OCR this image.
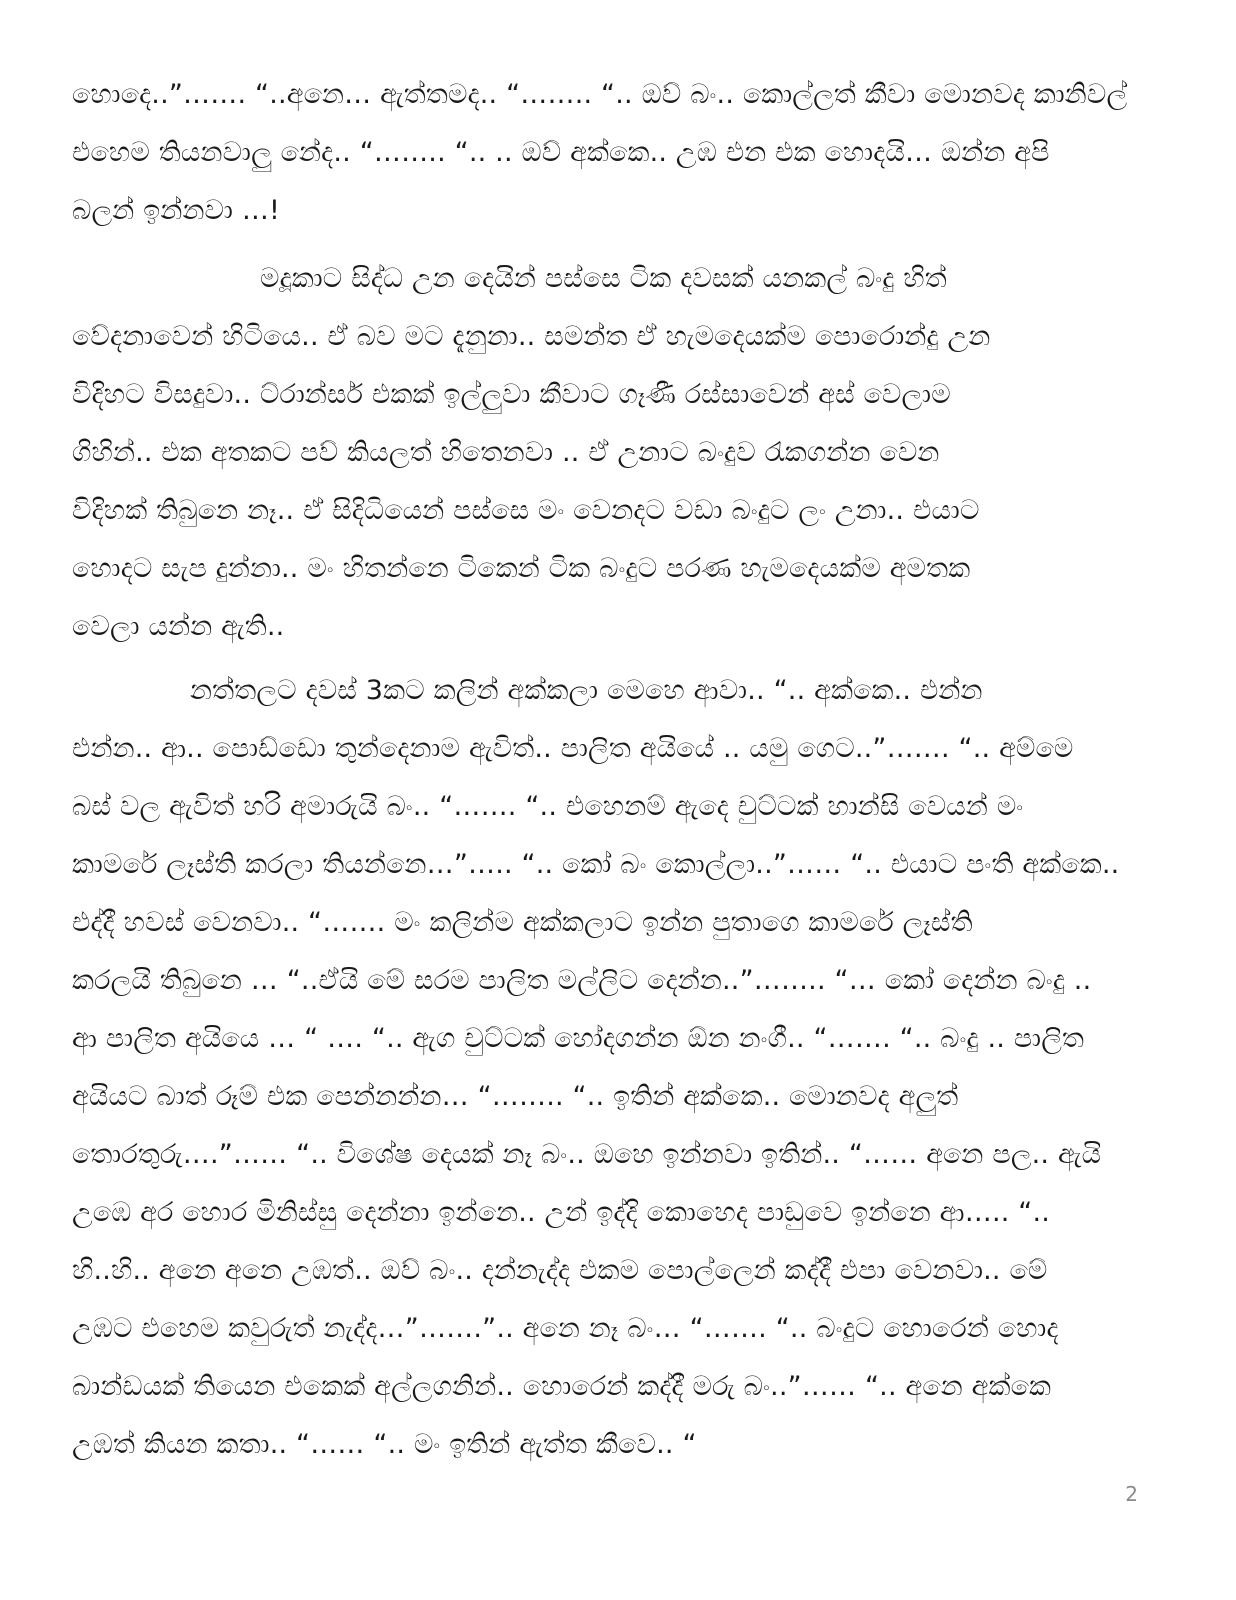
හොදෙ..”……. “..අනෙ… ඇත්තමද.. “…….. “.. ඔව් බං.. කොල්ලත් කීවා මොනවද කානිවල්
එහෙම තියනවාලු නේද.. “…….. “.. .. ඔව් අක්කෙ.. උඹ එන එක හොදයි… ඔන්න අපි
බලන් ඉන්නවා …!
මදූකාට සිද්ධ උන දෙයින් පස්සෙ ටික දවසක් යනකල් බංදු හිත්
වේදනාවෙන් හිටියෙ.. ඒ බව මට දැනුනා.. සමන්ත ඒ හැමදෙයක්ම පොරොන්දු උන
විදිහට විසදුවා.. ට්රාන්සර් එකක් ඉල්ලුවා කීවාට ගෑණී රස්සාවෙන් අස් වෙලාම
ගිහින්.. එක අතකට පව් කියලත් හිතෙනවා .. ඒ උනාට බංදුව රැකගන්න වෙන
විදිහක් තිබුනෙ නෑ.. ඒ සිදිධියෙන් පස්සෙ මං වෙනදට වඩා බංදුට ලං උනා.. එයාට
හොදට සැප දුන්නා.. මං හිතන්නෙ ටිකෙන් ටික බංදුට පරණ හැමදෙයක්ම අමතක
වෙලා යන්න ඇති..
නත්තලට දවස් 3කට කලින් අක්කලා මෙහෙ ආවා.. “.. අක්කෙ.. එන්න
එන්න.. ආ.. පොඩ්ඩො තුන්දෙනාම ඇවිත්.. පාලිත අයියේ .. යමු ගෙට..”……. “.. අම්මෙ
බස් වල ඇවිත් හරි අමාරුයි බං.. “……. “.. එහෙනම් ඇදෙ චුට්ටක් හාන්සි වෙයන් මං
කාමරේ ලෑස්ති කරලා තියන්නෙ…”….. “.. කෝ බං කොල්ලා..”…… “.. එයාට පංති අක්කෙ..
එද්දී හවස් වෙනවා.. “……. මං කලින්ම අක්කලාට ඉන්න පුතාගෙ කාමරේ ලෑස්ති
කරලයි තිබුනෙ … “..ඒයි මේ සරම පාලිත මල්ලිට දෙන්න..”…….. “… කෝ දෙන්න බංදු ..
ආ පාලිත අයියෙ … “ …. “.. ඇග චුට්ටක් හෝදගන්න ඕන නංගී.. “……. “.. බංදු .. පාලිත
අයියට බාත් රූම් එක පෙන්නන්න… “…….. “.. ඉතින් අක්කෙ.. මොනවද අලුත්
තොරතුරු….”…… “.. විශේෂ දෙයක් නෑ බං.. ඔහෙ ඉන්නවා ඉතින්.. “…… අනෙ පල.. ඇයි
උඹෙ අර හොර මිනිස්සු දෙන්නා ඉන්නෙ.. උන් ඉද්දි කොහෙද පාඩුවෙ ඉන්නෙ ආ….. “..
හි..හි.. අනෙ අනෙ උඹත්.. ඔව් බං.. දන්නැද්ද එකම පොල්ලෙන් කද්දී එපා වෙනවා.. මේ
උඹට එහෙම කවුරුත් නැද්ද…”…….”.. අනෙ නෑ බං… “……. “.. බංදුට හොරෙන් හොද
බාන්ඩයක් තියෙන එකෙක් අල්ලගනින්.. හොරෙන් කද්දී මරු බං..”…… “.. අනෙ අක්කෙ
උඹත් කියන කතා.. “…… “.. මං ඉතින් ඇත්ත කීවෙ.. “
2
